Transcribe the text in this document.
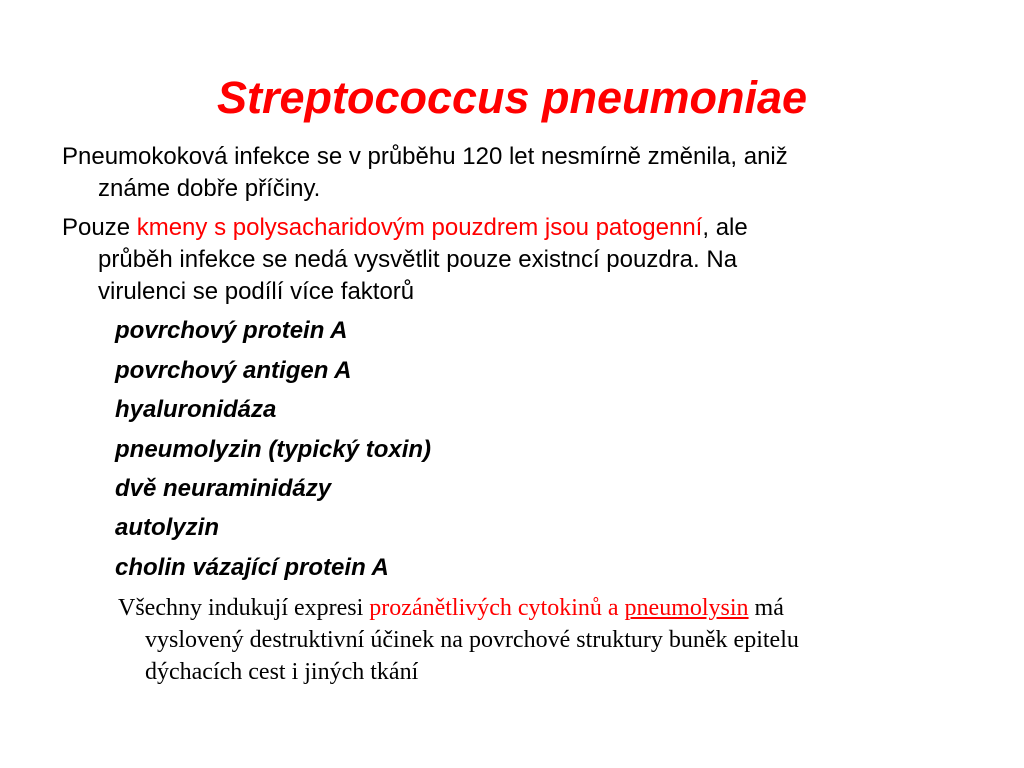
Streptococcus pneumoniae
Pneumokoková infekce se v průběhu 120 let nesmírně změnila, aniž
známe dobře příčiny.
Pouze kmeny s polysacharidovým pouzdrem jsou patogenní, ale
průběh infekce se nedá vysvětlit pouze existncí pouzdra. Na
virulenci se podílí více faktorů
povrchový protein A
povrchový antigen A
hyaluronidáza
pneumolyzin (typický toxin)
dvě neuraminidázy
autolyzin
cholin vázající protein A
Všechny indukují expresi prozánětlivých cytokinů a pneumolysin má
vyslovený destruktivní účinek na povrchové struktury buněk epitelu
dýchacích cest i jiných tkání
